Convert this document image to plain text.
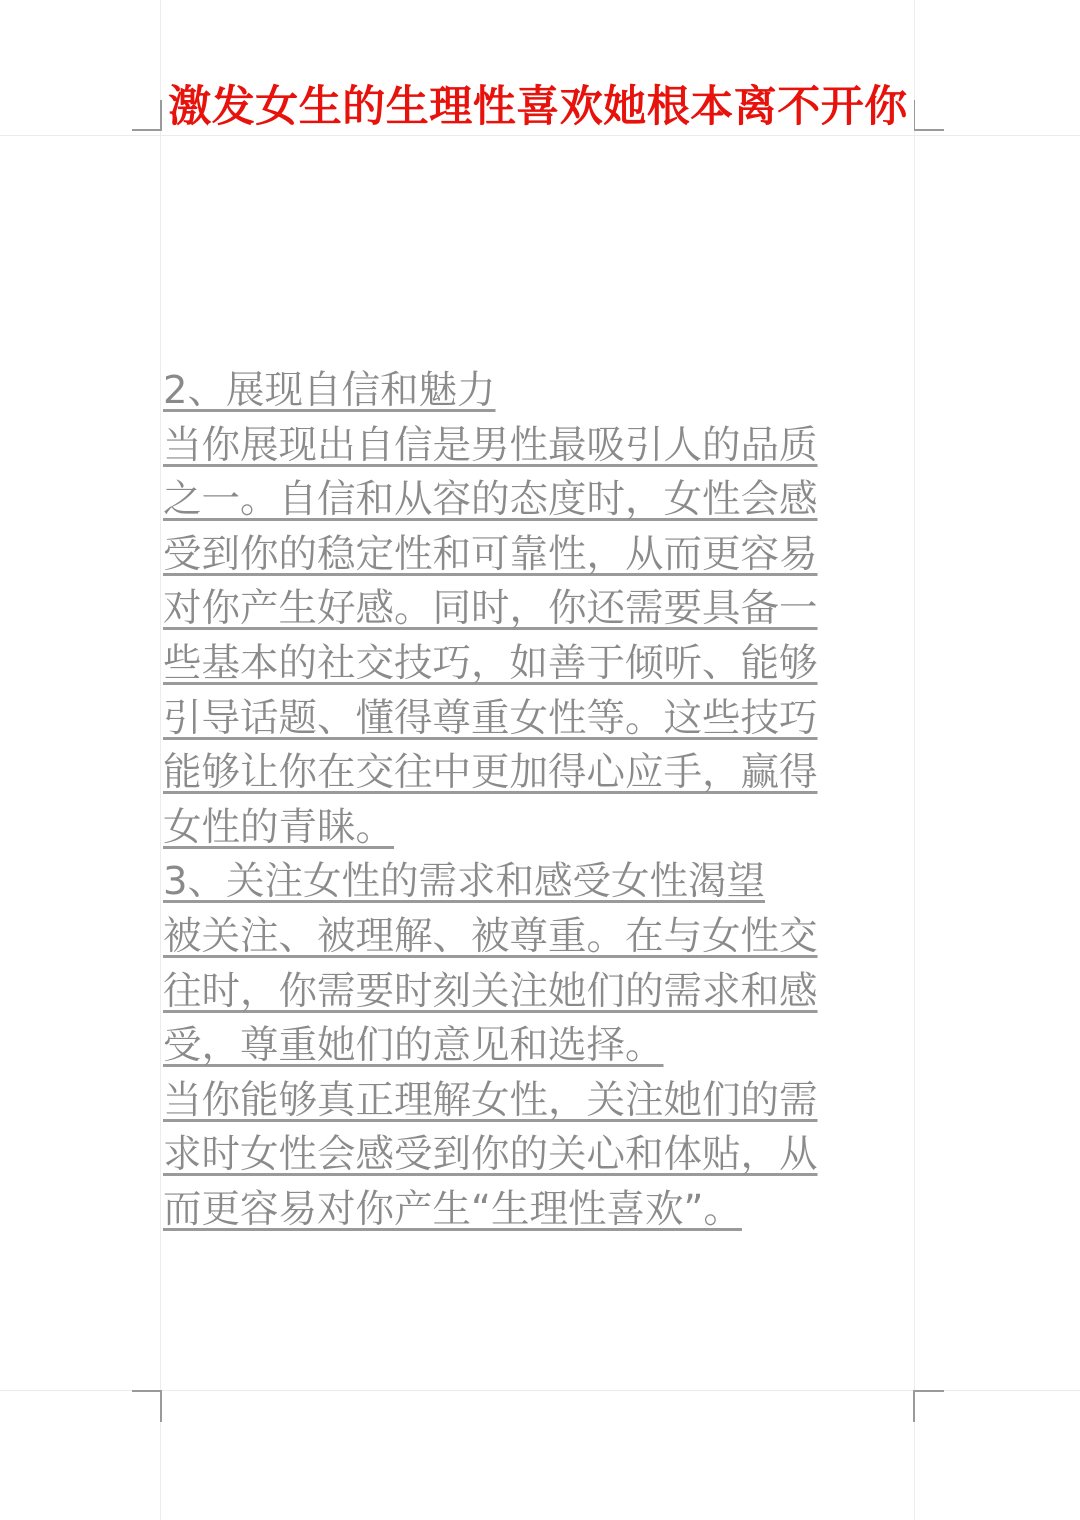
激发女生的生理性喜欢她根本离不开你
2、展现自信和魅力
当你展现出自信是男性最吸引人的品质
之一。自信和从容的态度时，女性会感
受到你的稳定性和可靠性，从而更容易
对你产生好感。同时，你还需要具备一
些基本的社交技巧，如善于倾听、能够
引导话题、懂得尊重女性等。这些技巧
能够让你在交往中更加得心应手，赢得
女性的青睐。
3、关注女性的需求和感受女性渴望
被关注、被理解、被尊重。在与女性交
往时，你需要时刻关注她们的需求和感
受，尊重她们的意见和选择。
当你能够真正理解女性，关注她们的需
求时女性会感受到你的关心和体贴，从
而更容易对你产生“生理性喜欢”。
